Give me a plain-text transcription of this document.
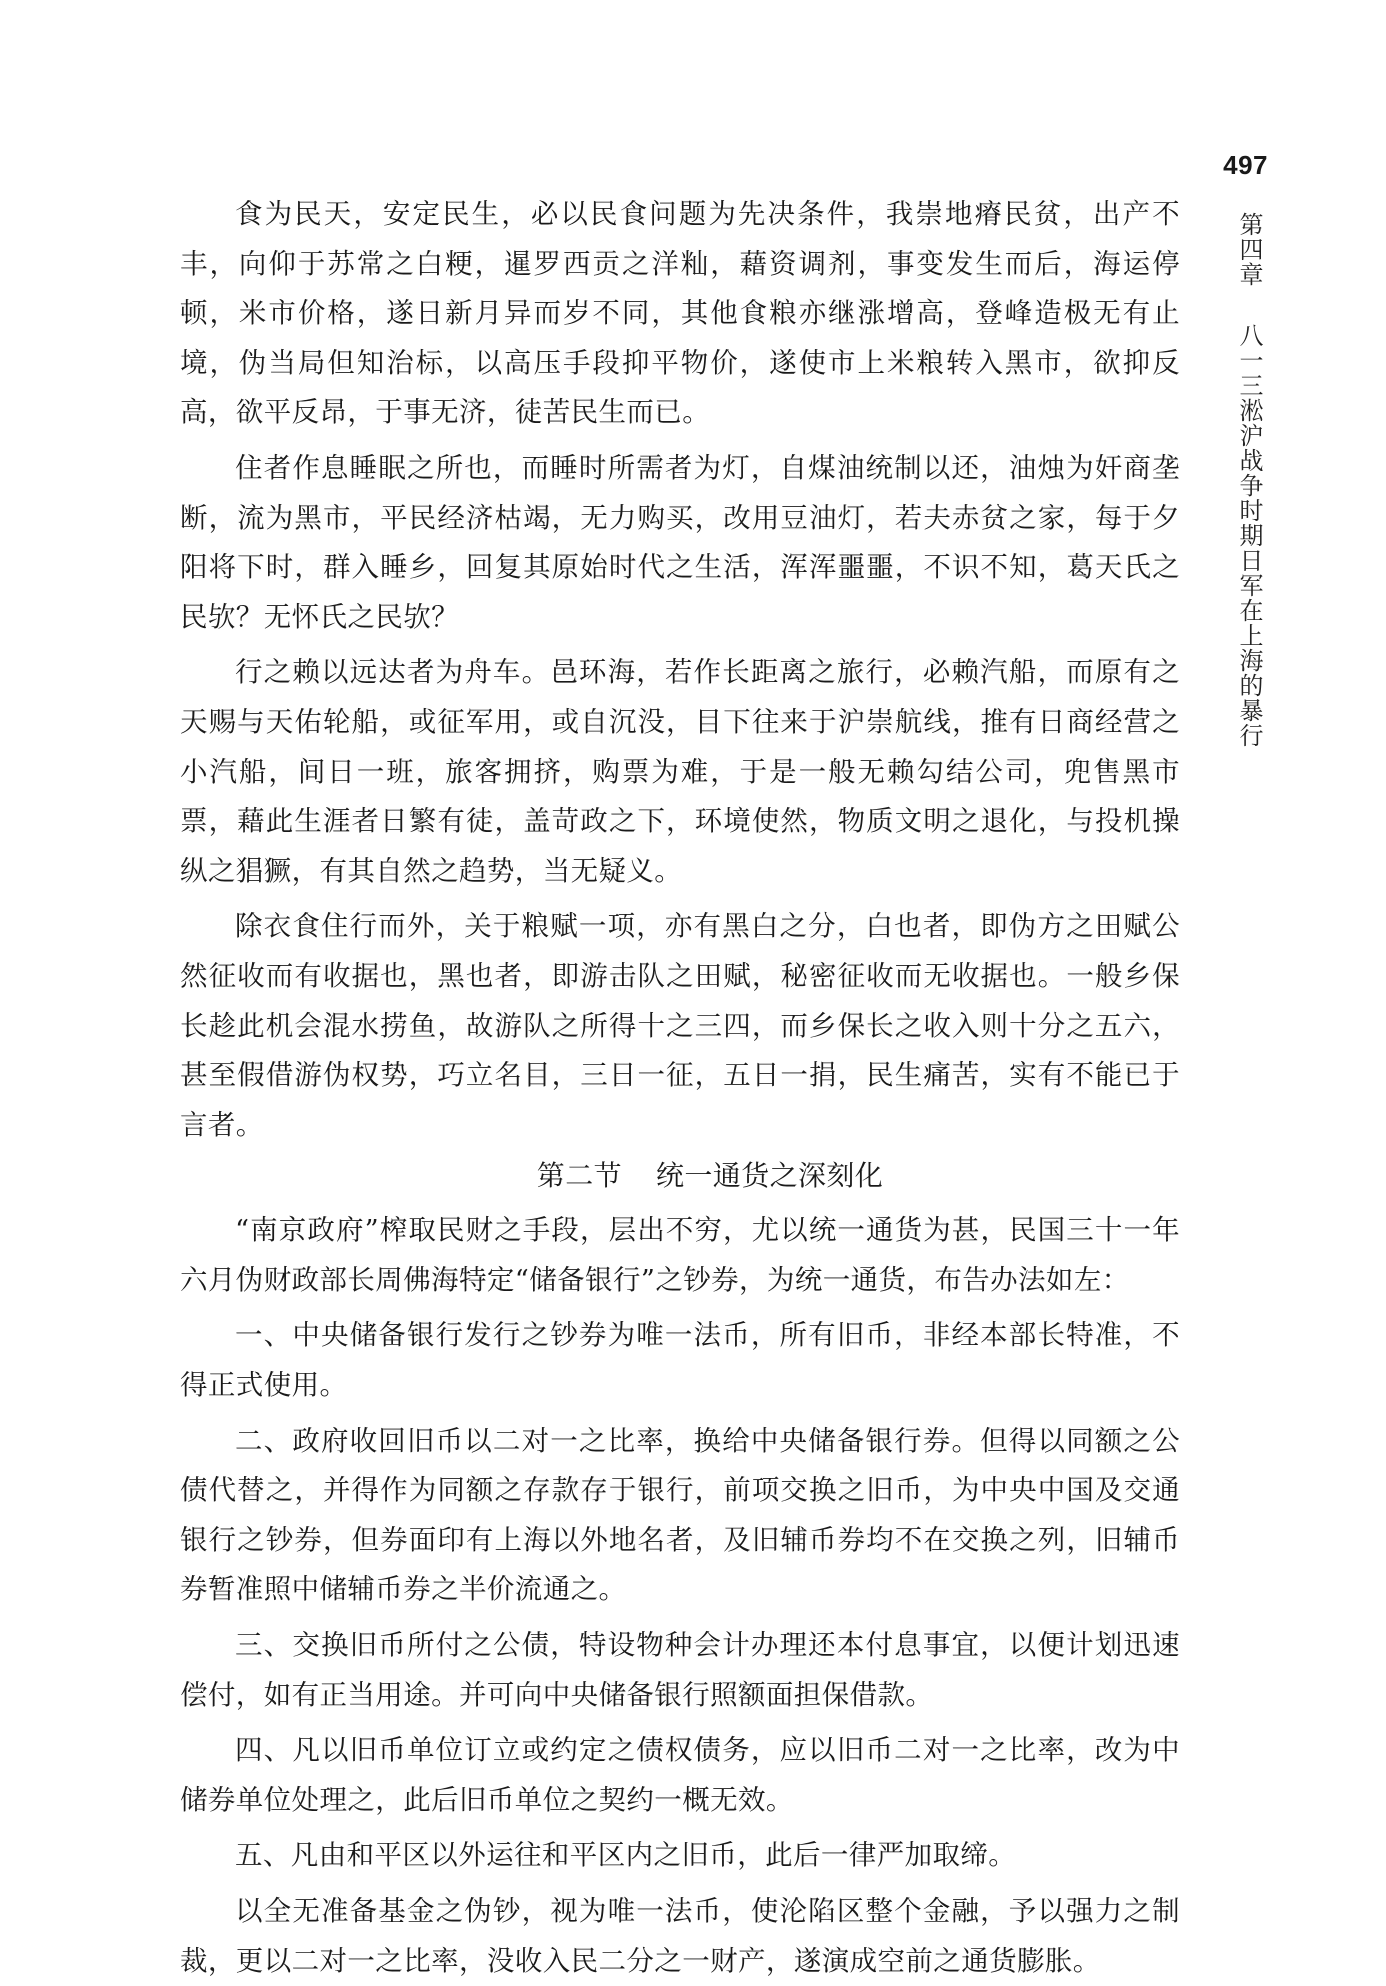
497
第四章八一三淞沪战争时期日军在上海的暴行

食为民天，安定民生，必以民食问题为先决条件，我崇地瘠民贫，出产不丰，向仰于苏常之白粳，暹罗西贡之洋籼，藉资调剂，事变发生而后，海运停顿，米市价格，遂日新月异而岁不同，其他食粮亦继涨增高，登峰造极无有止境，伪当局但知治标，以高压手段抑平物价，遂使市上米粮转入黑市，欲抑反高，欲平反昂，于事无济，徒苦民生而已。

住者作息睡眠之所也，而睡时所需者为灯，自煤油统制以还，油烛为奸商垄断，流为黑市，平民经济枯竭，无力购买，改用豆油灯，若夫赤贫之家，每于夕阳将下时，群入睡乡，回复其原始时代之生活，浑浑噩噩，不识不知，葛天氏之民欤？无怀氏之民欤？

行之赖以远达者为舟车。邑环海，若作长距离之旅行，必赖汽船，而原有之天赐与天佑轮船，或征军用，或自沉没，目下往来于沪崇航线，推有日商经营之小汽船，间日一班，旅客拥挤，购票为难，于是一般无赖勾结公司，兜售黑市票，藉此生涯者日繁有徒，盖苛政之下，环境使然，物质文明之退化，与投机操纵之猖獗，有其自然之趋势，当无疑义。

除衣食住行而外，关于粮赋一项，亦有黑白之分，白也者，即伪方之田赋公然征收而有收据也，黑也者，即游击队之田赋，秘密征收而无收据也。一般乡保长趁此机会混水捞鱼，故游队之所得十之三四，而乡保长之收入则十分之五六，甚至假借游伪权势，巧立名目，三日一征，五日一捐，民生痛苦，实有不能已于言者。

第二节 统一通货之深刻化

“南京政府”榨取民财之手段，层出不穷，尤以统一通货为甚，民国三十一年六月伪财政部长周佛海特定“储备银行”之钞券，为统一通货，布告办法如左：

一、中央储备银行发行之钞券为唯一法币，所有旧币，非经本部长特准，不得正式使用。

二、政府收回旧币以二对一之比率，换给中央储备银行券。但得以同额之公债代替之，并得作为同额之存款存于银行，前项交换之旧币，为中央中国及交通银行之钞券，但券面印有上海以外地名者，及旧辅币券均不在交换之列，旧辅币券暂准照中储辅币券之半价流通之。

三、交换旧币所付之公债，特设物种会计办理还本付息事宜，以便计划迅速偿付，如有正当用途。并可向中央储备银行照额面担保借款。

四、凡以旧币单位订立或约定之债权债务，应以旧币二对一之比率，改为中储券单位处理之，此后旧币单位之契约一概无效。

五、凡由和平区以外运往和平区内之旧币，此后一律严加取缔。

以全无准备基金之伪钞，视为唯一法币，使沦陷区整个金融，予以强力之制裁，更以二对一之比率，没收入民二分之一财产，遂演成空前之通货膨胀。
